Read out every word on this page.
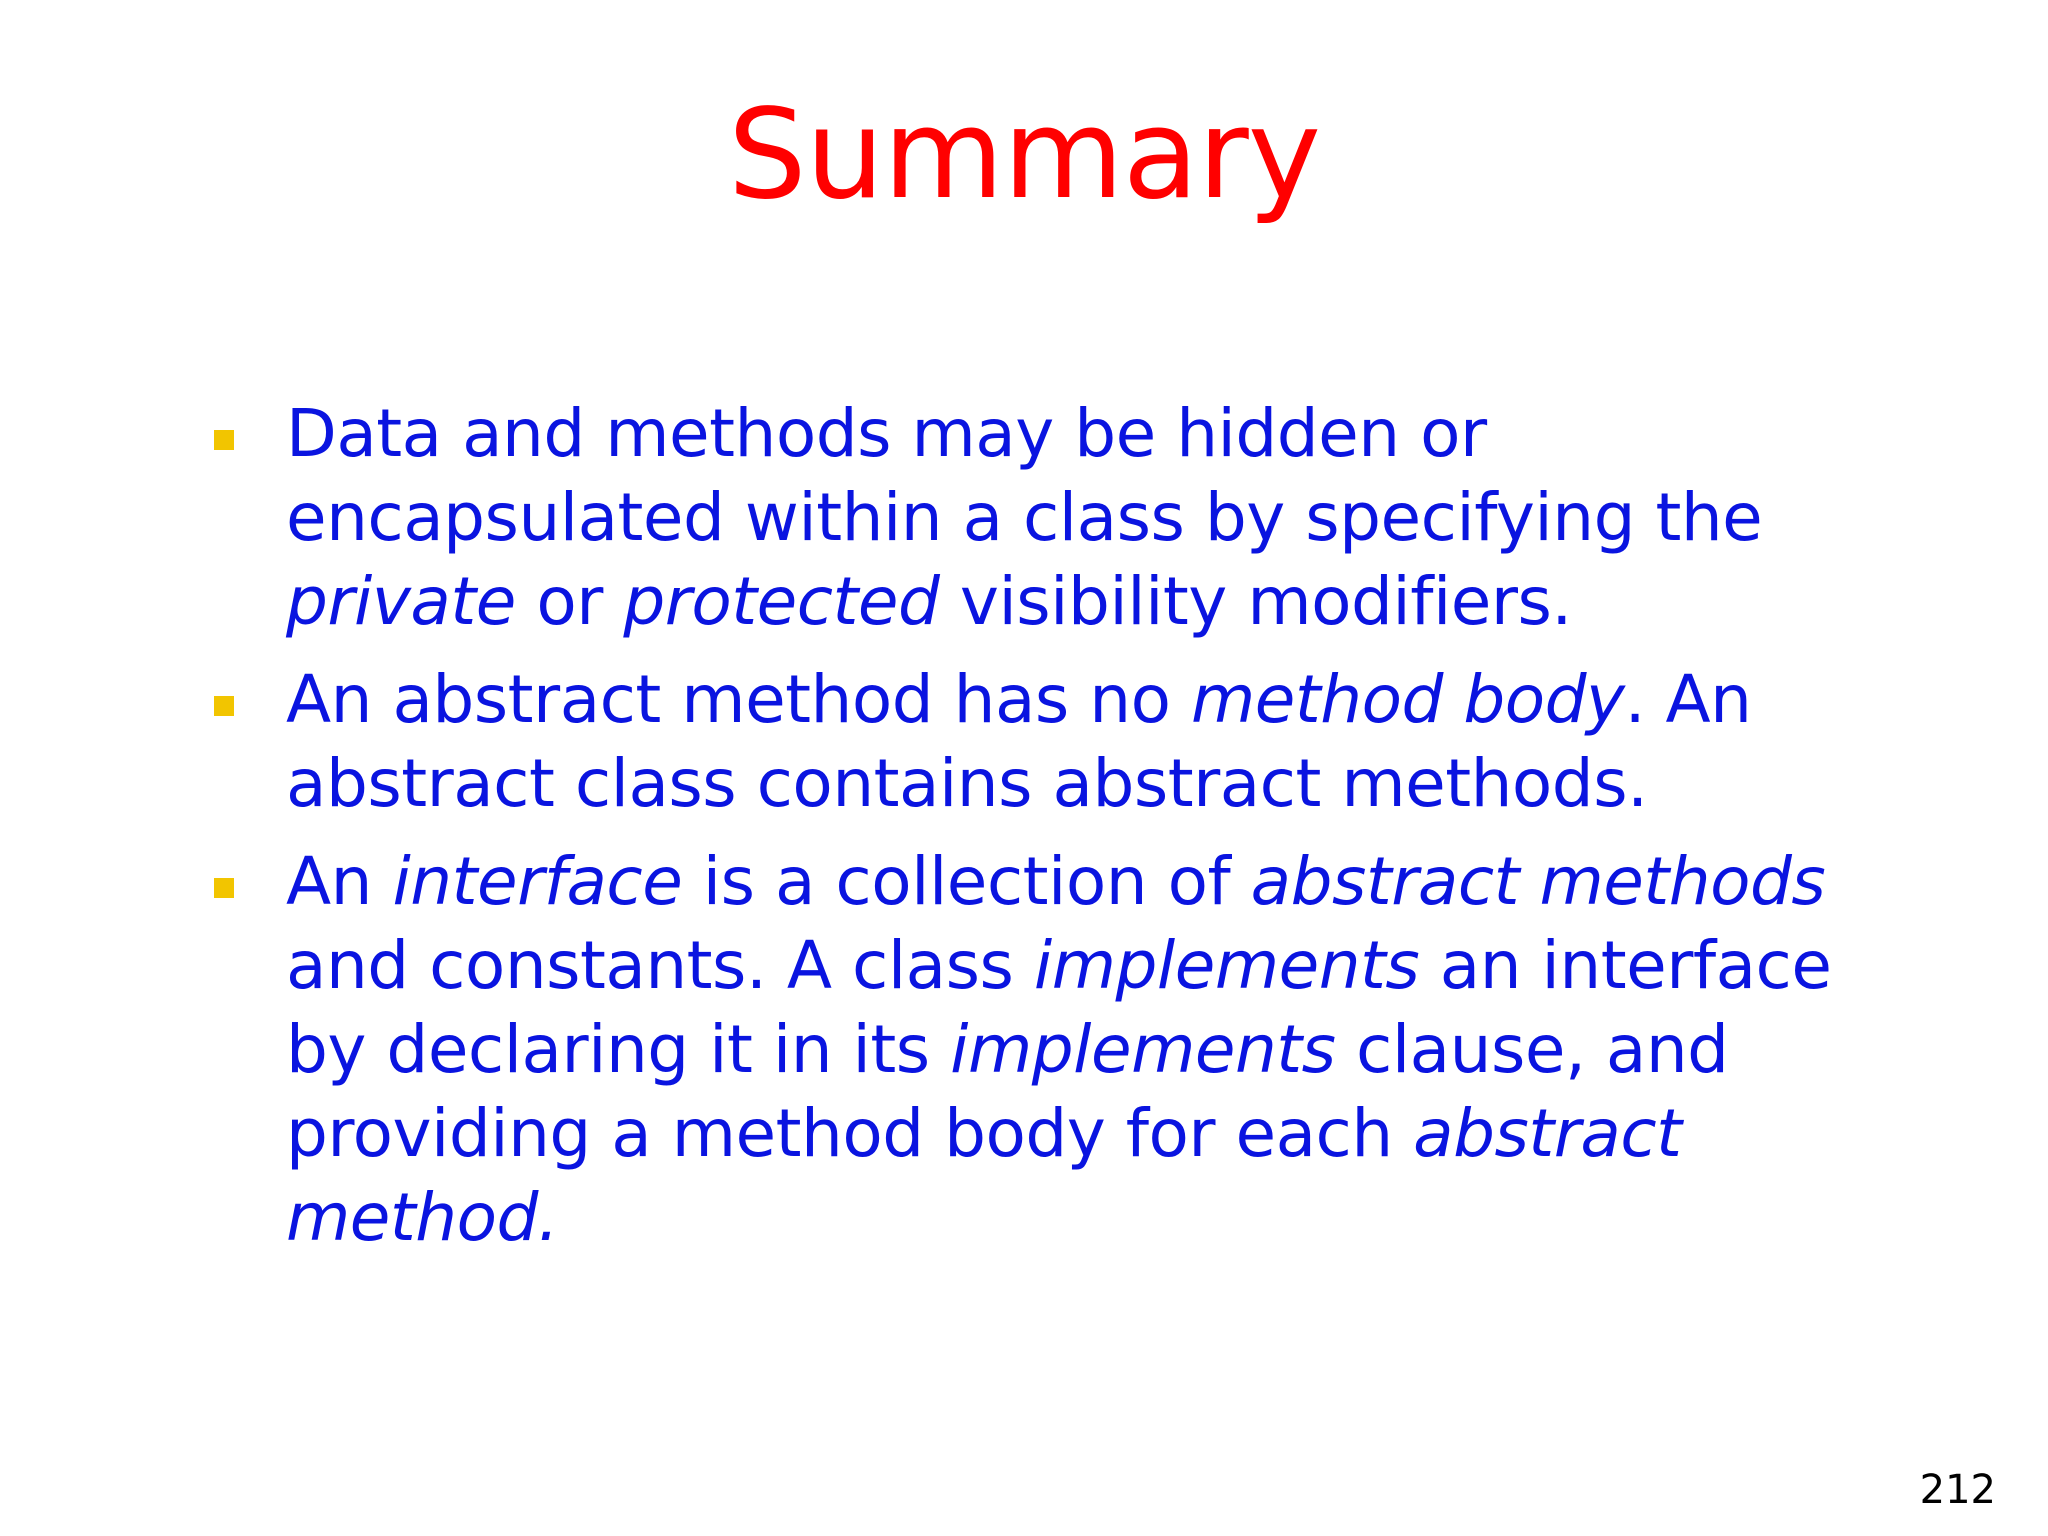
Summary
Data and methods may be hidden or encapsulated within a class by specifying the private or protected visibility modifiers.
An abstract method has no method body. An abstract class contains abstract methods.
An interface is a collection of abstract methods and constants. A class implements an interface by declaring it in its implements clause, and providing a method body for each abstract method.
212
